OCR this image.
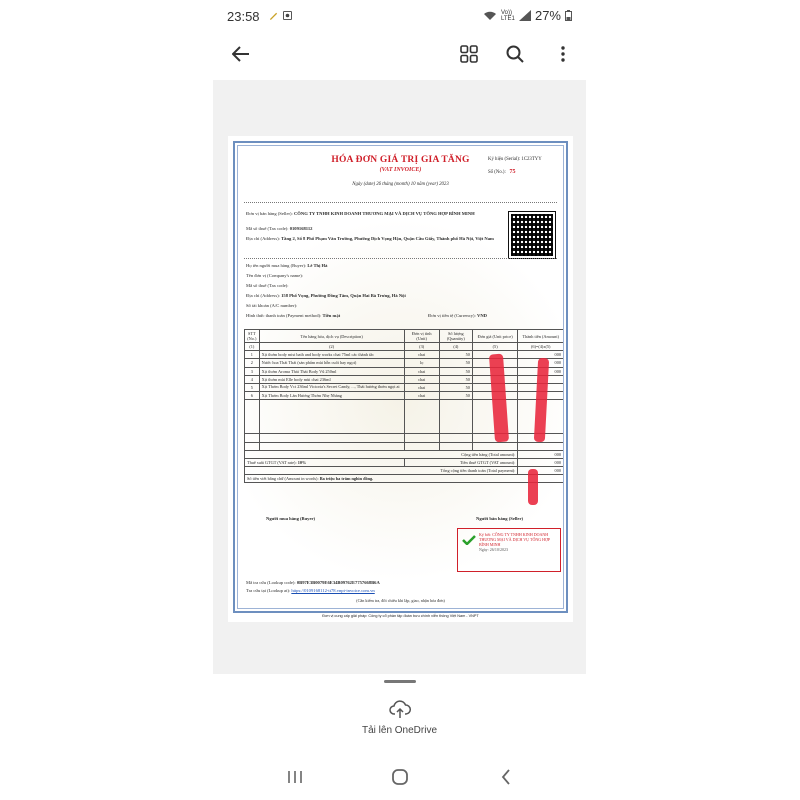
23:58	Vo)) LTE1 27%
HÓA ĐƠN GIÁ TRỊ GIA TĂNG
(VAT INVOICE)
Ngày (date) 26 tháng (month) 10 năm (year) 2023
Ký hiệu (Serial): 1C23TYY
Số (No.): 75
Đơn vị bán hàng (Seller): CÔNG TY TNHH KINH DOANH THƯƠNG MẠI VÀ DỊCH VỤ TỔNG HỢP BÌNH MINH
Mã số thuế (Tax code): 0109168112
Địa chỉ (Address): Tầng 2, Số 8 Phố Phạm Văn Trường, Phường Dịch Vọng Hậu, Quận Cầu Giấy, Thành phố Hà Nội, Việt Nam
Họ tên người mua hàng (Buyer): Lê Thị Hà
Tên đơn vị (Company's name):
Mã số thuế (Tax code):
Địa chỉ (Address): 158 Phố Vọng, Phường Đồng Tâm, Quận Hai Bà Trưng, Hà Nội
Số tài khoản (A/C number):
Hình thức thanh toán (Payment method): Tiền mặt	Đơn vị tiền tệ (Currency): VND
STT (No.)	Tên hàng hóa, dịch vụ (Description)	Đơn vị tính (Unit)	Số lượng (Quantity)	Đơn giá (Unit price)	Thành tiền (Amount)
(1)	(2)	(3)	(4)	(5)	(6)=(4)x(5)
1	Xịt thơm body mist bath and body works chai 75ml các thành tắc	chai	50		000
2	Nước hoa Thái Thái (sản phẩm mùi hỗn cuối hay ngọt)	lọ	50		000
3	Xịt thơm Aroma Thái Thái Body Vũ 250ml	chai	50		000
4	Xịt thơm mùi Elle body mùi chai 236ml	chai	50		
5	Xịt Thơm Body Vct 236ml Victoria's Secret Candy, ..., Thái hương thơm ngọt ai	chai	50		
6	Xịt Thơm Body Lăn Hương Thơm Nhẹ Nhàng	chai	50		

Cộng tiền hàng (Total amount):					000
Thuế suất GTGT (VAT rate): 10%		Tiền thuế GTGT (VAT amount):			000
Tổng cộng tiền thanh toán (Total payment):					000
Số tiền viết bằng chữ (Amount in words): Ba triệu ba trăm nghìn đồng.					
Người mua hàng (Buyer)	Người bán hàng (Seller)
Ký bởi: CÔNG TY TNHH KINH DOANH THƯƠNG MẠI VÀ DỊCH VỤ TỔNG HỢP BÌNH MINH
Ngày: 26/10/2023
Mã tra cứu (Lookup code): 0B97E3B0079E6E34B09762E7757668B6A
Tra cứu tại (Lookup at): https://0109168112-tt78.vnpt-invoice.com.vn
(Cần kiểm tra, đối chiếu khi lập, giao, nhận hóa đơn)
Đơn vị cung cấp giải pháp: Công ty cổ phần tập đoàn bưu chính viễn thông Việt Nam - VNPT
Tải lên OneDrive
